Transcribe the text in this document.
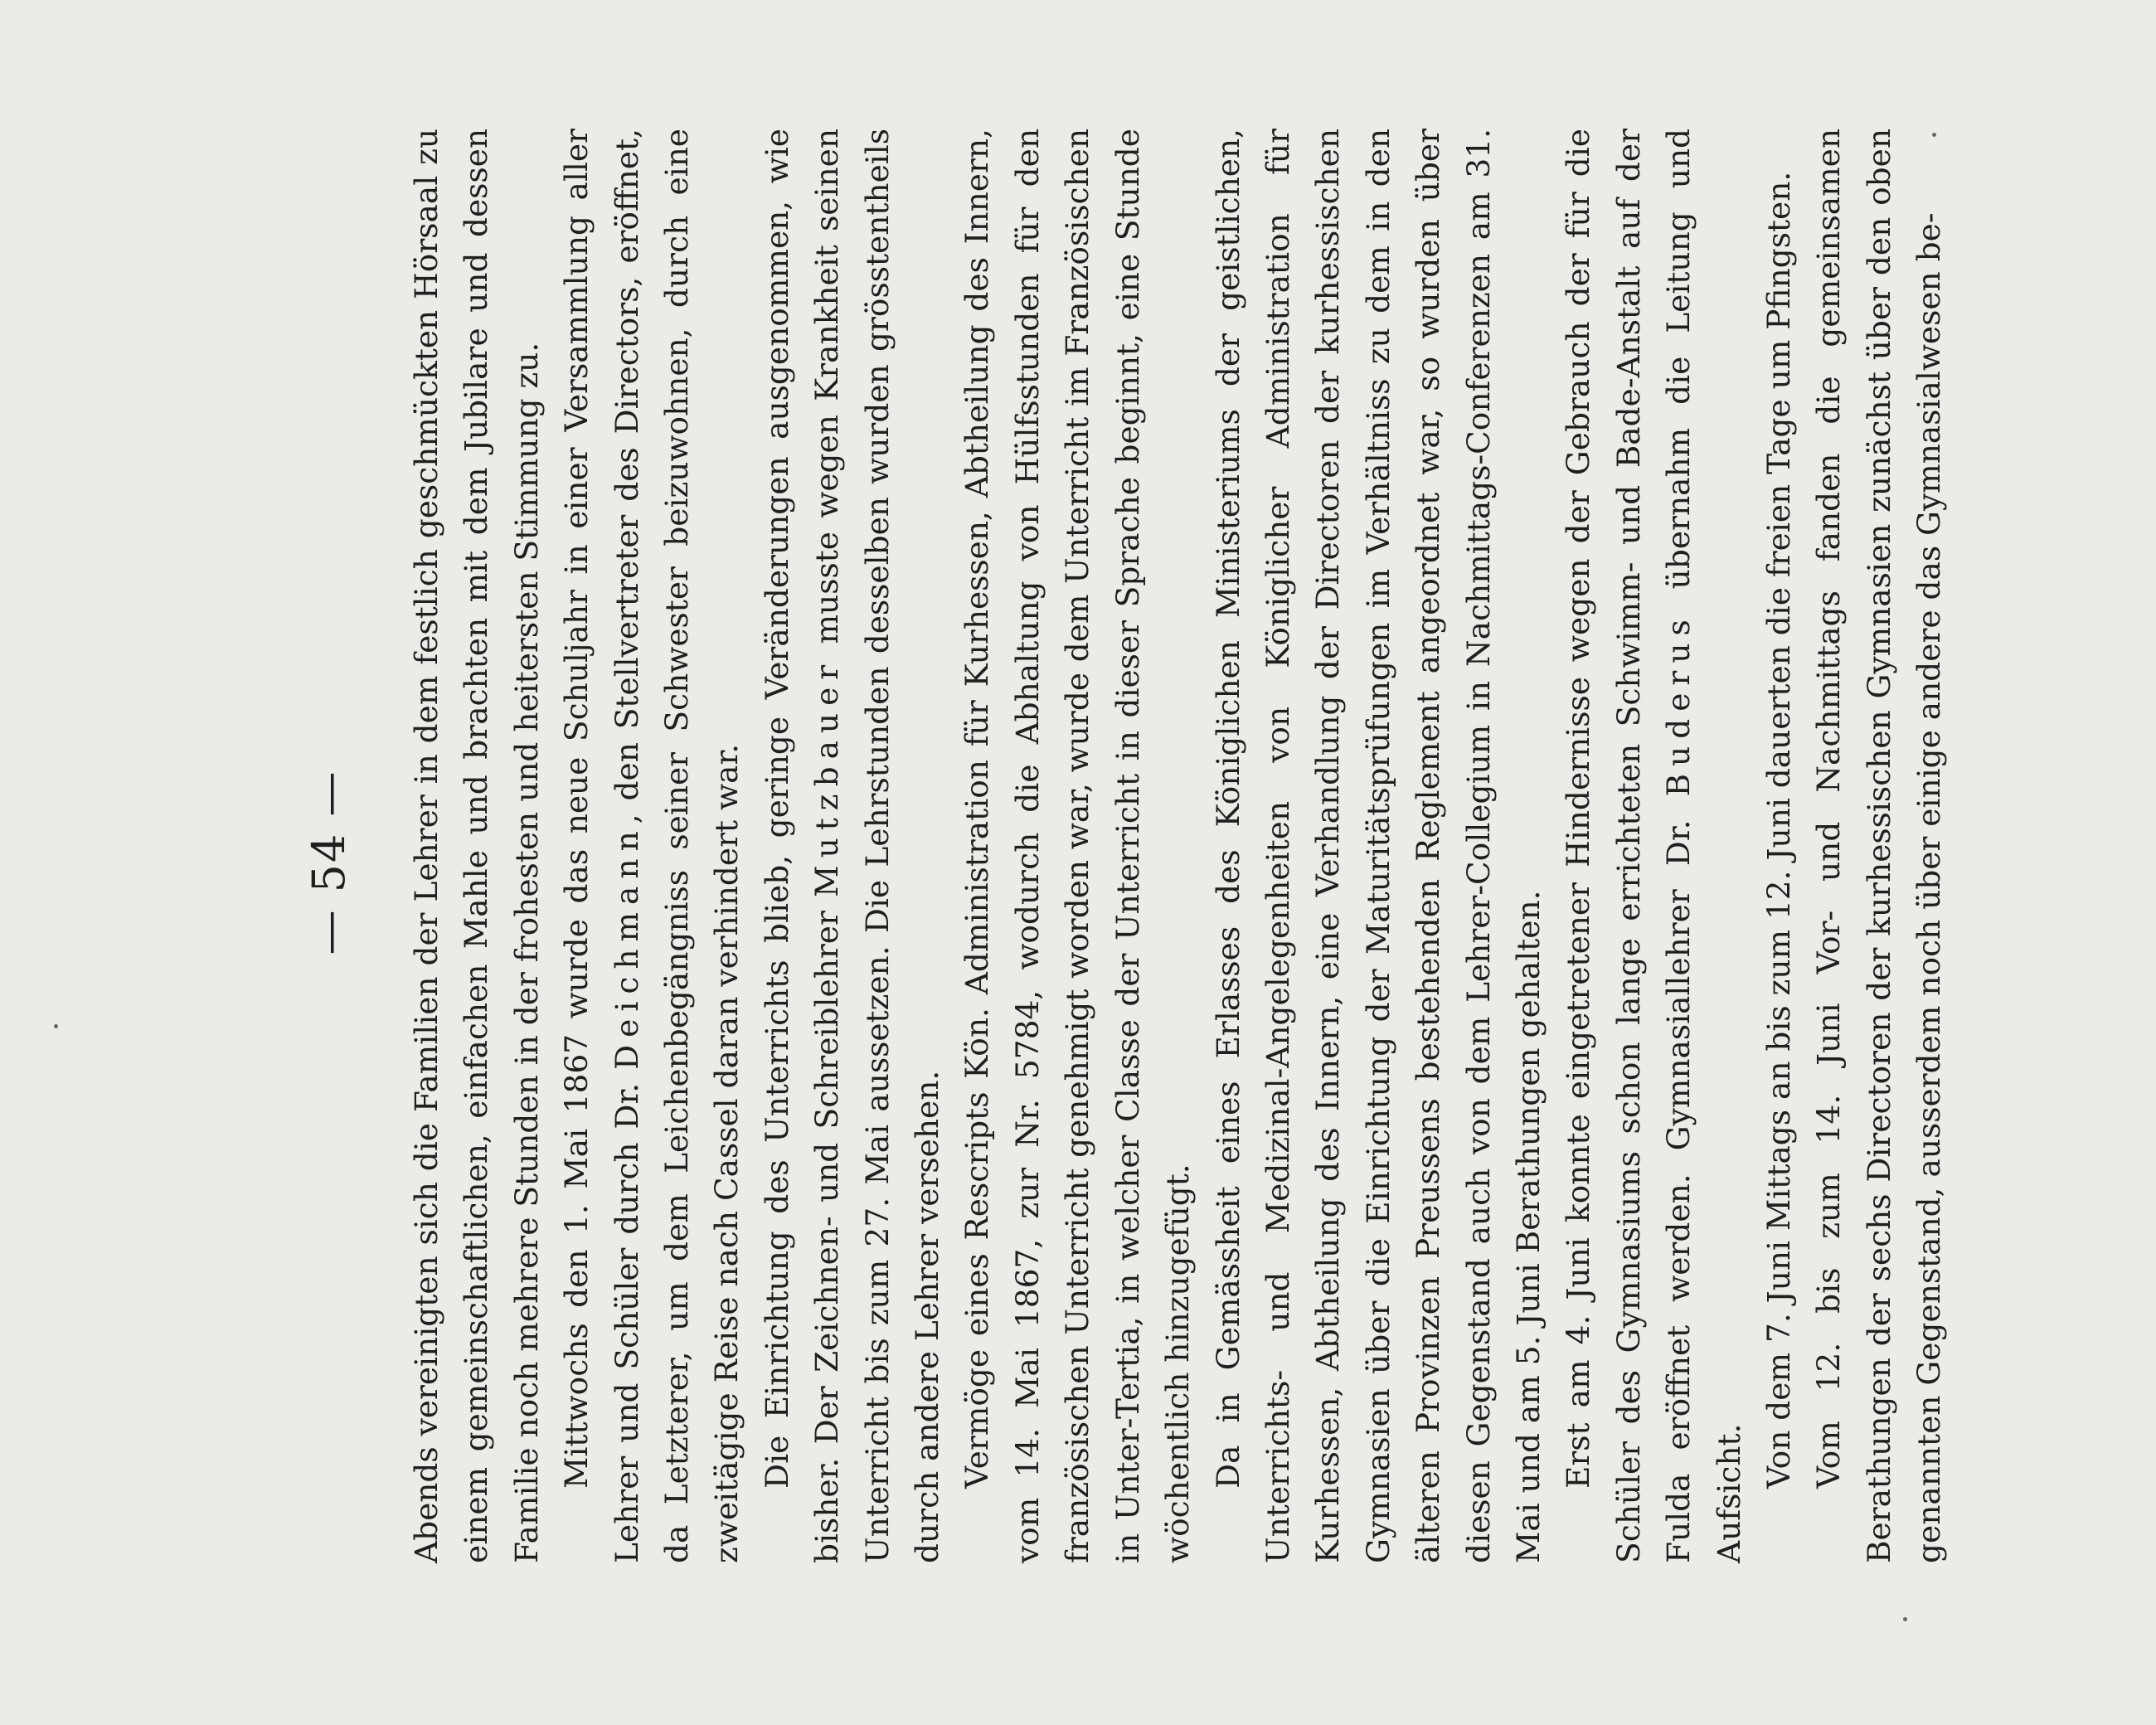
— 54 — Abends vereinigten sich die Familien der Lehrer in dem festlich geschmückten Hörsaal zu einem gemeinschaftlichen, einfachen Mahle und brachten mit dem Jubilare und dessen Familie noch mehrere Stunden in der frohesten und heitersten Stimmung zu. Mittwochs den 1. Mai 1867 wurde das neue Schuljahr in einer Versammlung aller Lehrer und Schüler durch Dr. Deichmann, den Stellvertreter des Directors, eröffnet, da Letzterer, um dem Leichenbegängniss seiner Schwester beizuwohnen, durch eine zweitägige Reise nach Cassel daran verhindert war. Die Einrichtung des Unterrichts blieb, geringe Veränderungen ausgenommen, wie bisher. Der Zeichnen- und Schreiblehrer Mutzbauer musste wegen Krankheit seinen Unterricht bis zum 27. Mai aussetzen. Die Lehrstunden desselben wurden grösstentheils durch andere Lehrer versehen. Vermöge eines Rescripts Kön. Administration für Kurhessen, Abtheilung des Innern, vom 14. Mai 1867, zur Nr. 5784, wodurch die Abhaltung von Hülfsstunden für den französischen Unterricht genehmigt worden war, wurde dem Unterricht im Französischen in Unter-Tertia, in welcher Classe der Unterricht in dieser Sprache beginnt, eine Stunde wöchentlich hinzugefügt. Da in Gemässheit eines Erlasses des Königlichen Ministeriums der geistlichen, Unterrichts- und Medizinal-Angelegenheiten von Königlicher Administration für Kurhessen, Abtheilung des Innern, eine Verhandlung der Directoren der kurhessischen Gymnasien über die Einrichtung der Maturitätsprüfungen im Verhältniss zu dem in den älteren Provinzen Preussens bestehenden Reglement angeordnet war, so wurden über diesen Gegenstand auch von dem Lehrer-Collegium in Nachmittags-Conferenzen am 31. Mai und am 5. Juni Berathungen gehalten. Erst am 4. Juni konnte eingetretener Hindernisse wegen der Gebrauch der für die Schüler des Gymnasiums schon lange errichteten Schwimm- und Bade-Anstalt auf der Fulda eröffnet werden. Gymnasiallehrer Dr. Buderus übernahm die Leitung und Aufsicht.

Von dem 7. Juni Mittags an bis zum 12. Juni dauerten die freien Tage um Pfingsten. Vom 12. bis zum 14. Juni Vor- und Nachmittags fanden die gemeinsamen Berathungen der sechs Directoren der kurhessischen Gymnasien zunächst über den oben genannten Gegenstand, ausserdem noch über einige andere das Gymnasialwesen be-
